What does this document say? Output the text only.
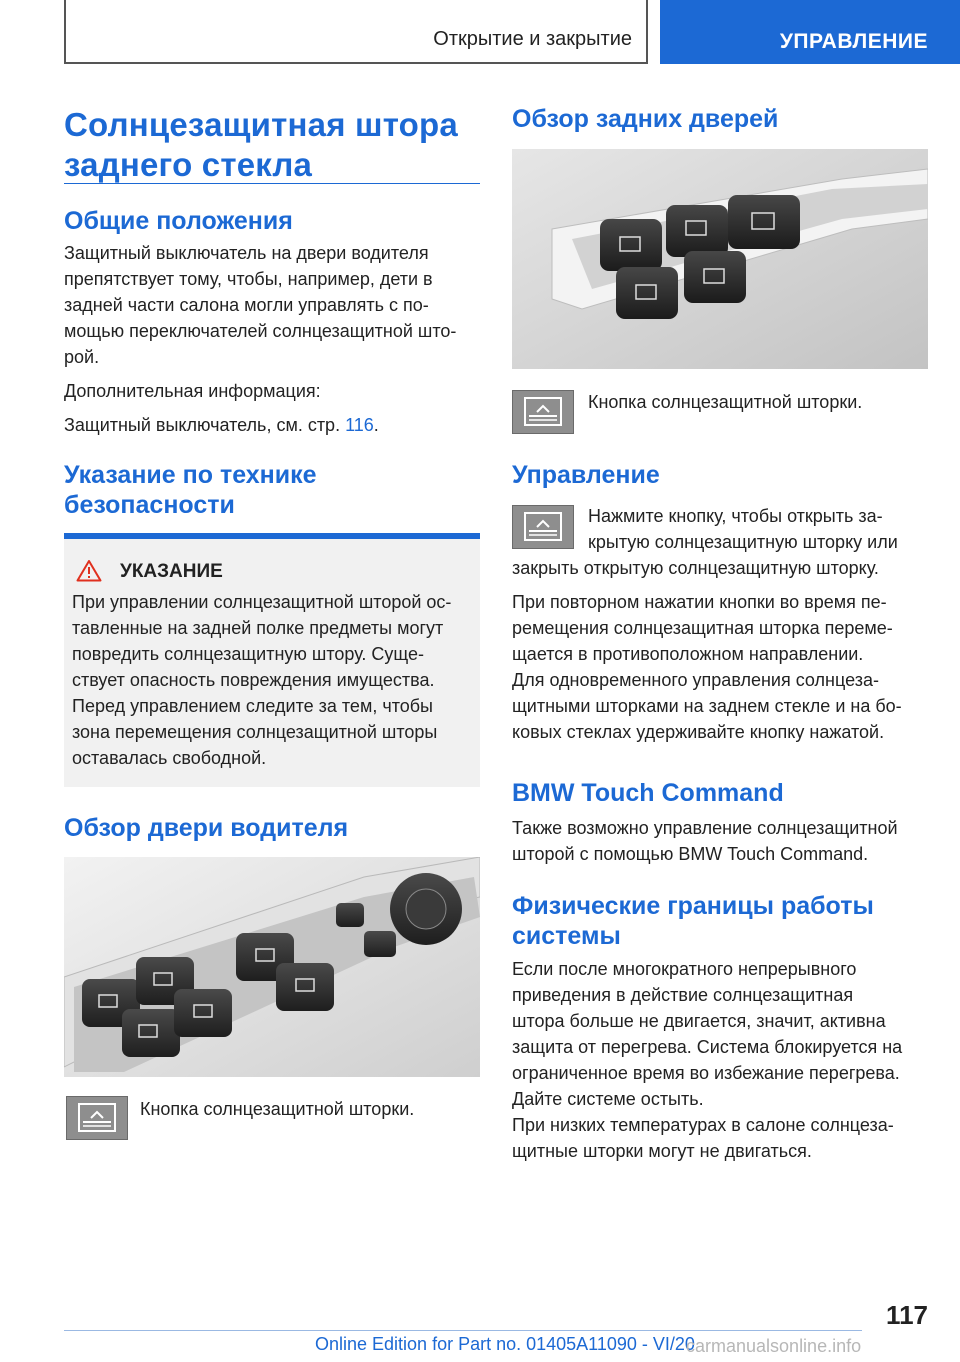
Открытие и закрытие	УПРАВЛЕНИЕ
Солнцезащитная штора
заднего стекла
Общие положения

Защитный выключатель на двери водителя

препятствует тому, чтобы, например, дети в

задней части салона могли управлять с по-

мощью переключателей солнцезащитной што-

рой.

Дополнительная информация:

Защитный выключатель, см. стр. 116.

Указание по технике
безопасности
УКАЗАНИЕ

При управлении солнцезащитной шторой ос-

тавленные на задней полке предметы могут

повредить солнцезащитную штору. Суще-

ствует опасность повреждения имущества.

Перед управлением следите за тем, чтобы

зона перемещения солнцезащитной шторы

оставалась свободной.

Обзор двери водителя

Кнопка солнцезащитной шторки.

Обзор задних дверей

Кнопка солнцезащитной шторки.

Управление

Нажмите кнопку, чтобы открыть за-

крытую солнцезащитную шторку или

закрыть открытую солнцезащитную шторку.

При повторном нажатии кнопки во время пе-

ремещения солнцезащитная шторка переме-

щается в противоположном направлении.

Для одновременного управления солнцеза-

щитными шторками на заднем стекле и на бо-

ковых стеклах удерживайте кнопку нажатой.

BMW Touch Command

Также возможно управление солнцезащитной

шторой с помощью BMW Touch Command.

Физические границы работы
системы

Если после многократного непрерывного

приведения в действие солнцезащитная

штора больше не двигается, значит, активна

защита от перегрева. Система блокируется на

ограниченное время во избежание перегрева.

Дайте системе остыть.

При низких температурах в салоне солнцеза-

щитные шторки могут не двигаться.

117
Online Edition for Part no. 01405A11090 - VI/20
carmanualsonline.info
